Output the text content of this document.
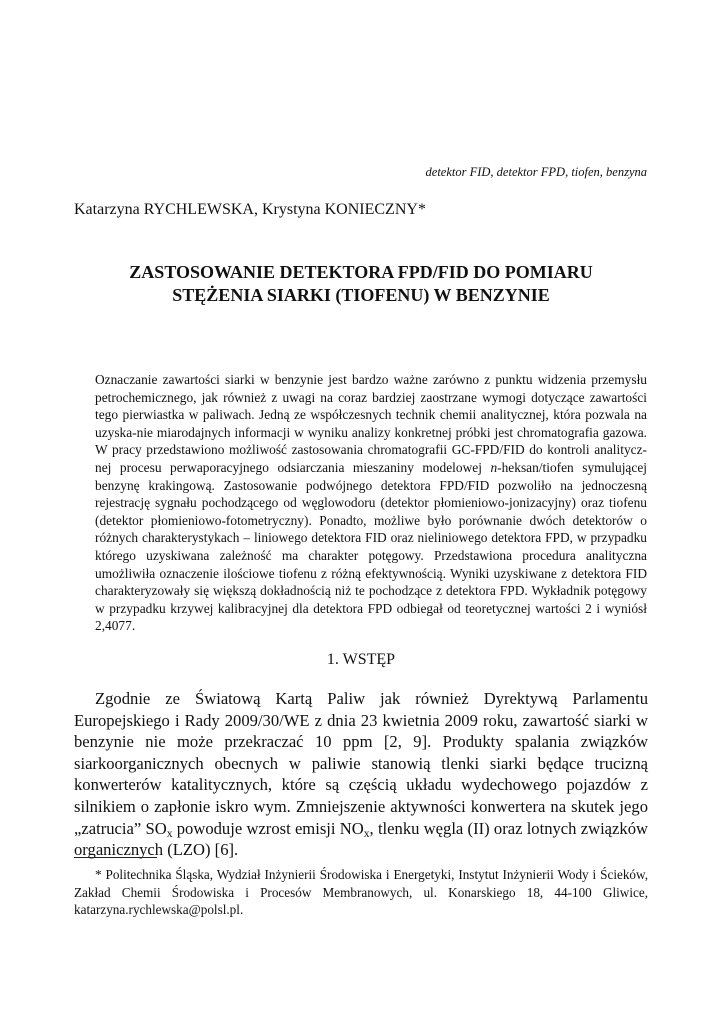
detektor FID, detektor FPD, tiofen, benzyna
Katarzyna RYCHLEWSKA, Krystyna KONIECZNY*
ZASTOSOWANIE DETEKTORA FPD/FID DO POMIARU
STĘŻENIA SIARKI (TIOFENU) W BENZYNIE
Oznaczanie zawartości siarki w benzynie jest bardzo ważne zarówno z punktu widzenia przemysłu petrochemicznego, jak również z uwagi na coraz bardziej zaostrzane wymogi dotyczące zawartości tego pierwiastka w paliwach. Jedną ze współczesnych technik chemii analitycznej, która pozwala na uzyska-nie miarodajnych informacji w wyniku analizy konkretnej próbki jest chromatografia gazowa. W pracy przedstawiono możliwość zastosowania chromatografii GC-FPD/FID do kontroli analitycz-nej procesu perwaporacyjnego odsiarczania mieszaniny modelowej n-heksan/tiofen symulującej benzynę krakingową. Zastosowanie podwójnego detektora FPD/FID pozwoliło na jednoczesną rejestrację sygnału pochodzącego od węglowodoru (detektor płomieniowo-jonizacyjny) oraz tiofenu (detektor płomieniowo-fotometryczny). Ponadto, możliwe było porównanie dwóch detektorów o różnych charakterystykach – liniowego detektora FID oraz nieliniowego detektora FPD, w przypadku którego uzyskiwana zależność ma charakter potęgowy. Przedstawiona procedura analityczna umożliwiła oznaczenie ilościowe tiofenu z różną efektywnością. Wyniki uzyskiwane z detektora FID charakteryzowały się większą dokładnością niż te pochodzące z detektora FPD. Wykładnik potęgowy w przypadku krzywej kalibracyjnej dla detektora FPD odbiegał od teoretycznej wartości 2 i wyniósł 2,4077.
1. WSTĘP
Zgodnie ze Światową Kartą Paliw jak również Dyrektywą Parlamentu Europejskiego i Rady 2009/30/WE z dnia 23 kwietnia 2009 roku, zawartość siarki w benzynie nie może przekraczać 10 ppm [2, 9]. Produkty spalania związków siarkoorganicznych obecnych w paliwie stanowią tlenki siarki będące trucizną konwerterów katalitycznych, które są częścią układu wydechowego pojazdów z silnikiem o zapłonie iskro wym. Zmniejszenie aktywności konwertera na skutek jego „zatrucia” $SO_x$ powoduje wzrost emisji $NO_x$, tlenku węgla (II) oraz lotnych związków organicznych (LZO) [6].
* Politechnika Śląska, Wydział Inżynierii Środowiska i Energetyki, Instytut Inżynierii Wody i Ścieków, Zakład Chemii Środowiska i Procesów Membranowych, ul. Konarskiego 18, 44-100 Gliwice, katarzyna.rychlewska@polsl.pl.
